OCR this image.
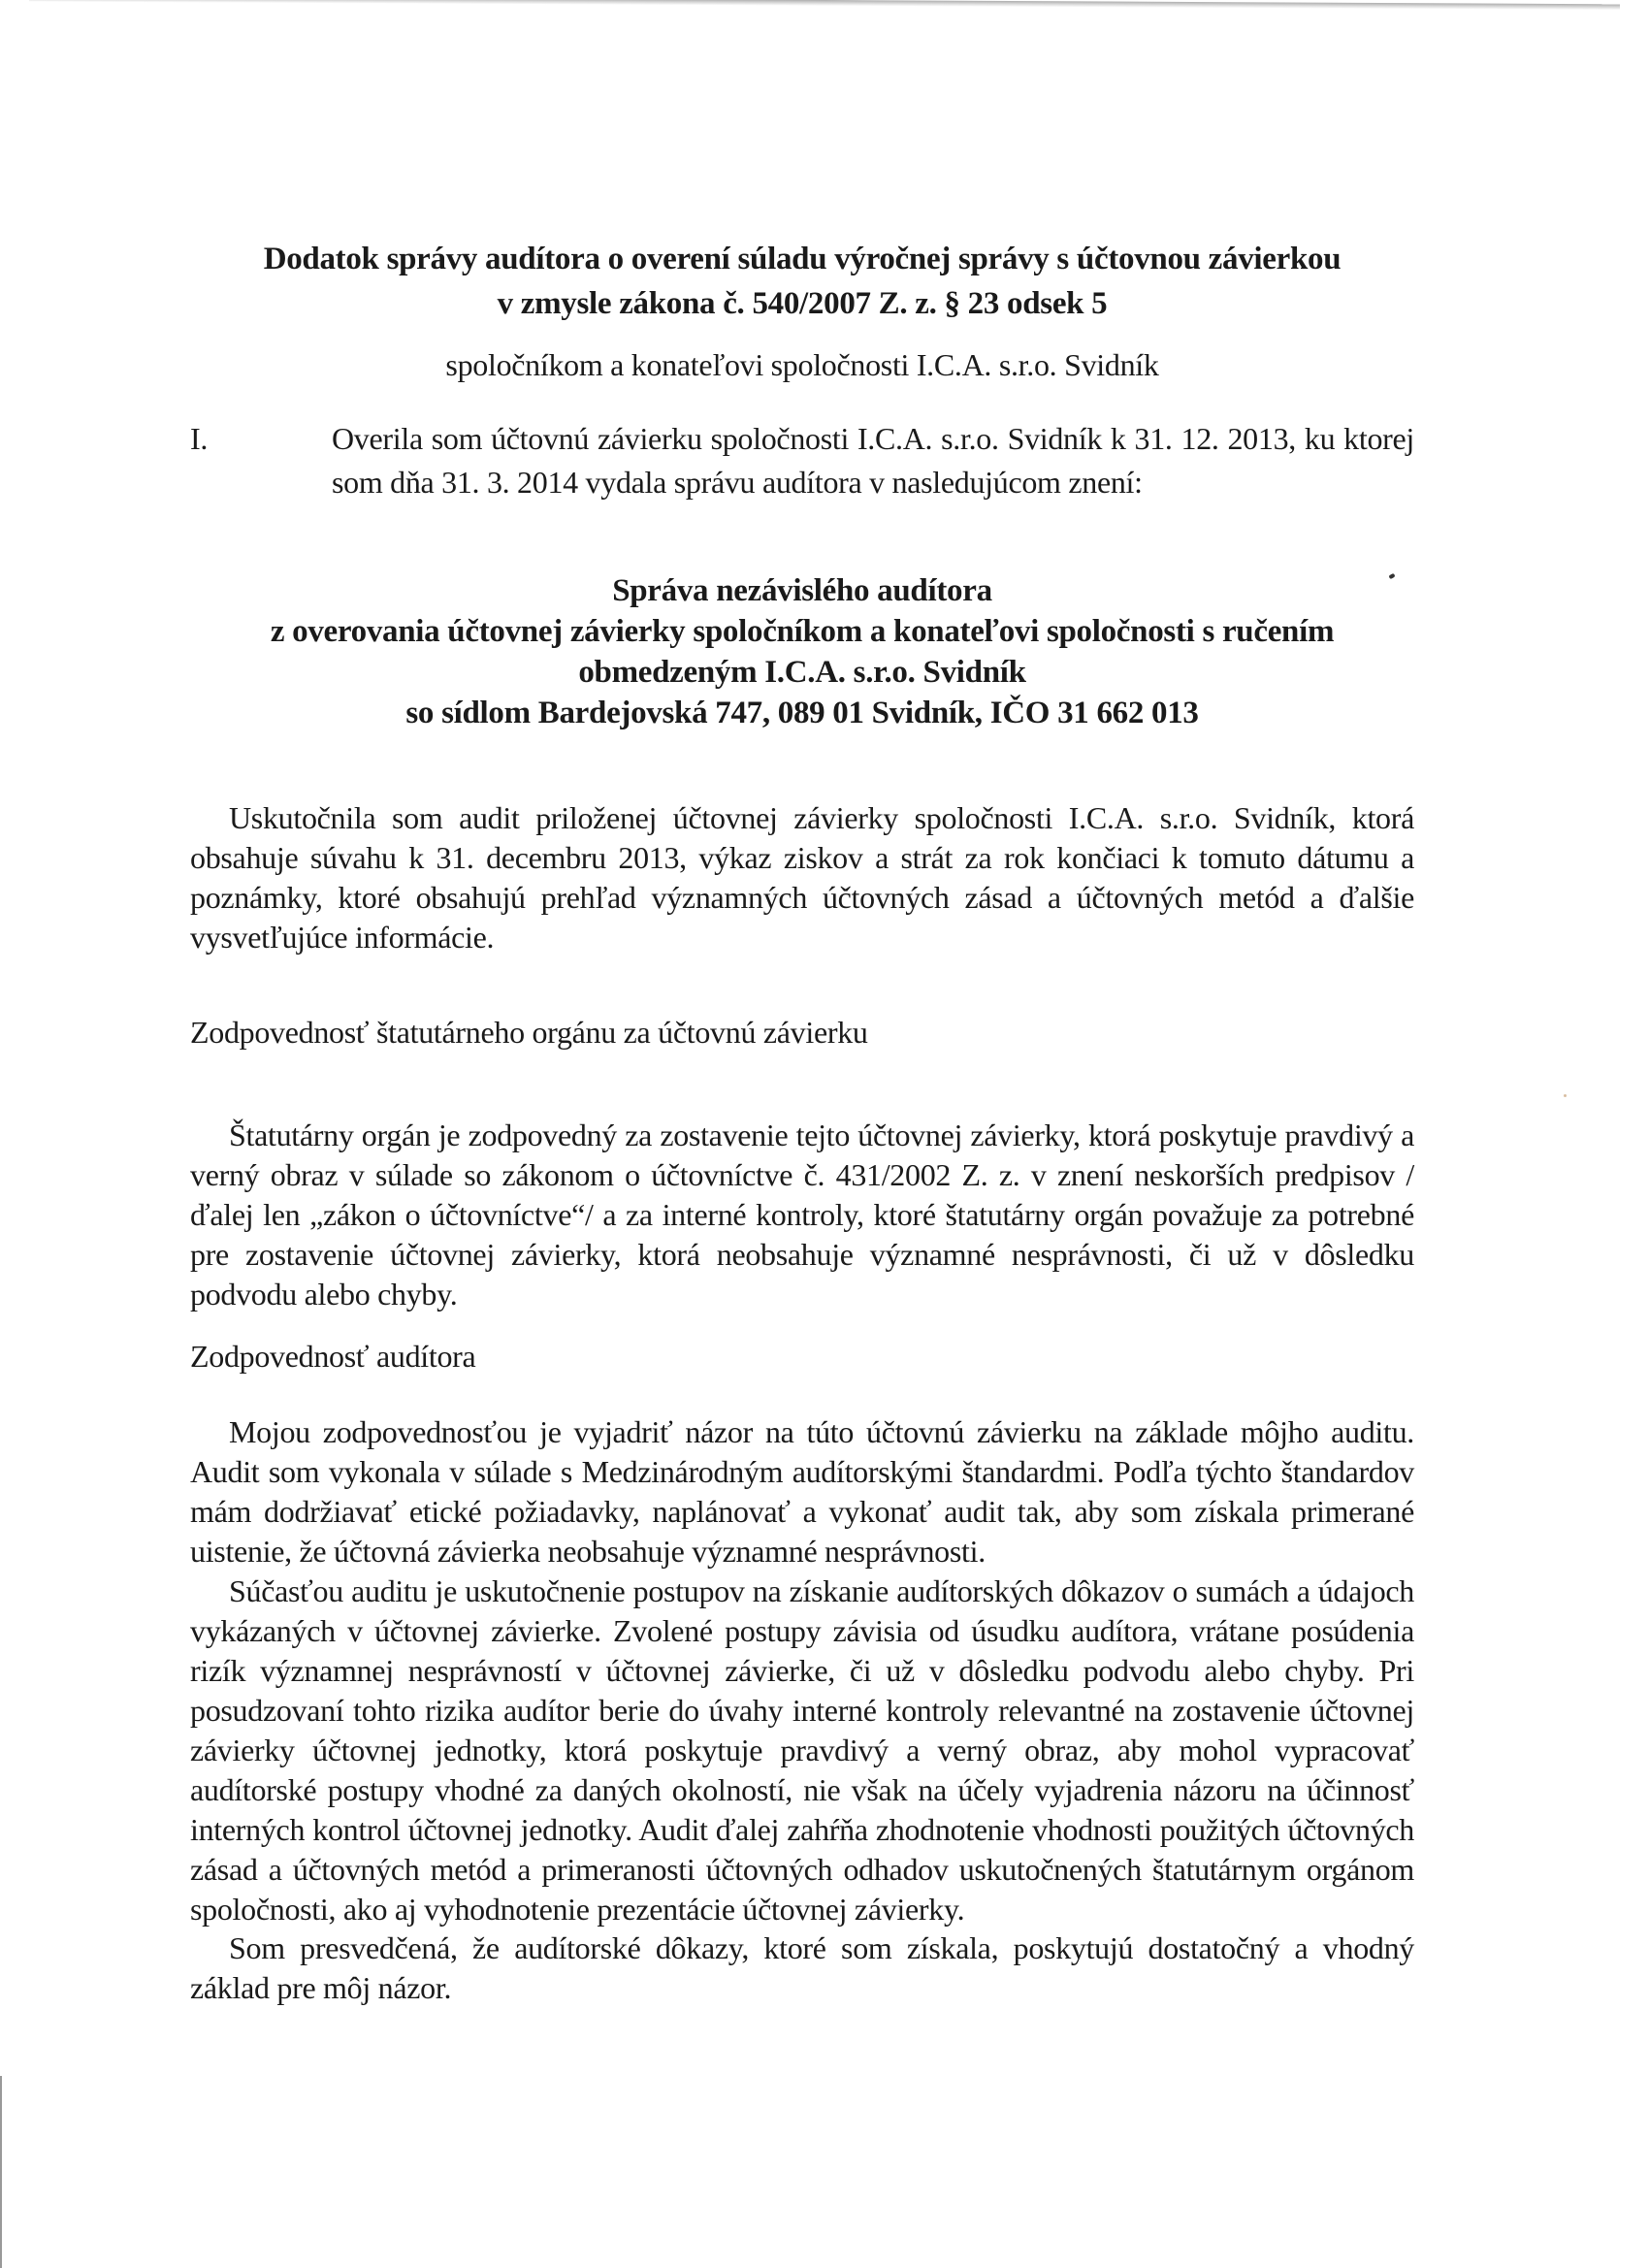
Dodatok správy audítora o overení súladu výročnej správy s účtovnou závierkou
v zmysle zákona č. 540/2007 Z. z. § 23 odsek 5
spoločníkom a konateľovi spoločnosti I.C.A. s.r.o. Svidník
I.	Overila som účtovnú závierku spoločnosti I.C.A. s.r.o. Svidník k 31. 12. 2013, ku ktorej som dňa 31. 3. 2014 vydala správu audítora v nasledujúcom znení:
Správa nezávislého audítora
z overovania účtovnej závierky spoločníkom a konateľovi spoločnosti s ručením
obmedzeným I.C.A. s.r.o. Svidník
so sídlom Bardejovská 747, 089 01 Svidník, IČO 31 662 013

Uskutočnila som audit priloženej účtovnej závierky spoločnosti I.C.A. s.r.o. Svidník, ktorá obsahuje súvahu k 31. decembru 2013, výkaz ziskov a strát za rok končiaci k tomuto dátumu a poznámky, ktoré obsahujú prehľad významných účtovných zásad a účtovných metód a ďalšie vysvetľujúce informácie.

Zodpovednosť štatutárneho orgánu za účtovnú závierku

Štatutárny orgán je zodpovedný za zostavenie tejto účtovnej závierky, ktorá poskytuje pravdivý a verný obraz v súlade so zákonom o účtovníctve č. 431/2002 Z. z. v znení neskorších predpisov /ďalej len „zákon o účtovníctve“/ a za interné kontroly, ktoré štatutárny orgán považuje za potrebné pre zostavenie účtovnej závierky, ktorá neobsahuje významné nesprávnosti, či už v dôsledku podvodu alebo chyby.

Zodpovednosť audítora

Mojou zodpovednosťou je vyjadriť názor na túto účtovnú závierku na základe môjho auditu. Audit som vykonala v súlade s Medzinárodným audítorskými štandardmi. Podľa týchto štandardov mám dodržiavať etické požiadavky, naplánovať a vykonať audit tak, aby som získala primerané uistenie, že účtovná závierka neobsahuje významné nesprávnosti.

Súčasťou auditu je uskutočnenie postupov na získanie audítorských dôkazov o sumách a údajoch vykázaných v účtovnej závierke. Zvolené postupy závisia od úsudku audítora, vrátane posúdenia rizík významnej nesprávností v účtovnej závierke, či už v dôsledku podvodu alebo chyby. Pri posudzovaní tohto rizika audítor berie do úvahy interné kontroly relevantné na zostavenie účtovnej závierky účtovnej jednotky, ktorá poskytuje pravdivý a verný obraz, aby mohol vypracovať audítorské postupy vhodné za daných okolností, nie však na účely vyjadrenia názoru na účinnosť interných kontrol účtovnej jednotky. Audit ďalej zahŕňa zhodnotenie vhodnosti použitých účtovných zásad a účtovných metód a primeranosti účtovných odhadov uskutočnených štatutárnym orgánom spoločnosti, ako aj vyhodnotenie prezentácie účtovnej závierky.

Som presvedčená, že audítorské dôkazy, ktoré som získala, poskytujú dostatočný a vhodný základ pre môj názor.
